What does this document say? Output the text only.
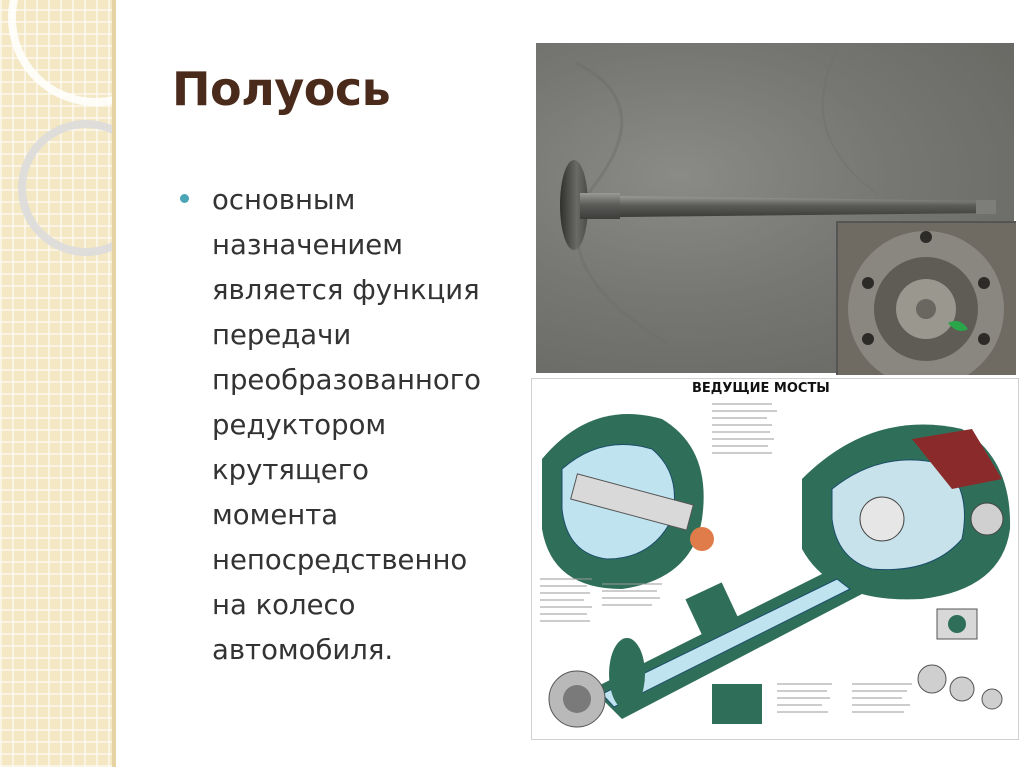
Полуось
основным
назначением
является функция
передачи
преобразованного
редуктором
крутящего
момента
непосредственно
на колесо
автомобиля.
ВЕДУЩИЕ МОСТЫ
